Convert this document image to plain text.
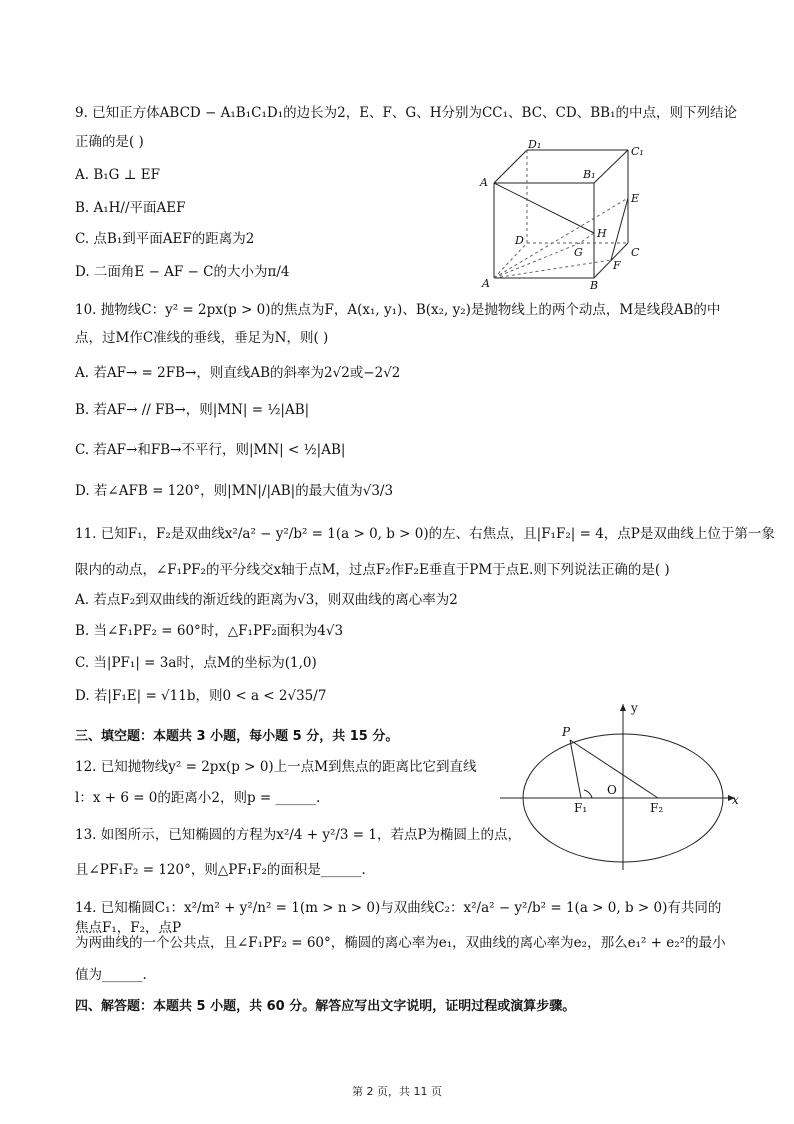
9. 已知正方体ABCD − A₁B₁C₁D₁的边长为2，E、F、G、H分别为CC₁、BC、CD、BB₁的中点，则下列结论
正确的是( )
A. B₁G ⊥ EF
B. A₁H//平面AEF
C. 点B₁到平面AEF的距离为2
D. 二面角E − AF − C的大小为π/4
A	B
C
D
A
B₁
C₁
D₁
E
F
G
H
10. 抛物线C：y² = 2px(p > 0)的焦点为F，A(x₁, y₁)、B(x₂, y₂)是抛物线上的两个动点，M是线段AB的中
点，过M作C准线的垂线，垂足为N，则( )
A. 若AF→ = 2FB→，则直线AB的斜率为2√2或−2√2
B. 若AF→ // FB→，则|MN| = ½|AB|
C. 若AF→和FB→不平行，则|MN| < ½|AB|
D. 若∠AFB = 120°，则|MN|/|AB|的最大值为√3/3
11. 已知F₁，F₂是双曲线x²/a² − y²/b² = 1(a > 0, b > 0)的左、右焦点，且|F₁F₂| = 4，点P是双曲线上位于第一象
限内的动点，∠F₁PF₂的平分线交x轴于点M，过点F₂作F₂E垂直于PM于点E.则下列说法正确的是( )
A. 若点F₂到双曲线的渐近线的距离为√3，则双曲线的离心率为2
B. 当∠F₁PF₂ = 60°时，△F₁PF₂面积为4√3
C. 当|PF₁| = 3a时，点M的坐标为(1,0)
D. 若|F₁E| = √11b，则0 < a < 2√35/7
三、填空题：本题共 3 小题，每小题 5 分，共 15 分。
12. 已知抛物线y² = 2px(p > 0)上一点M到焦点的距离比它到直线
l：x + 6 = 0的距离小2，则p = ______.
13. 如图所示，已知椭圆的方程为x²/4 + y²/3 = 1，若点P为椭圆上的点，
且∠PF₁F₂ = 120°，则△PF₁F₂的面积是______.
P
y
x
O
F₁	F₂
14. 已知椭圆C₁：x²/m² + y²/n² = 1(m > n > 0)与双曲线C₂：x²/a² − y²/b² = 1(a > 0, b > 0)有共同的焦点F₁，F₂，点P
为两曲线的一个公共点，且∠F₁PF₂ = 60°，椭圆的离心率为e₁，双曲线的离心率为e₂，那么e₁² + e₂²的最小
值为______.
四、解答题：本题共 5 小题，共 60 分。解答应写出文字说明，证明过程或演算步骤。
第 2 页，共 11 页
